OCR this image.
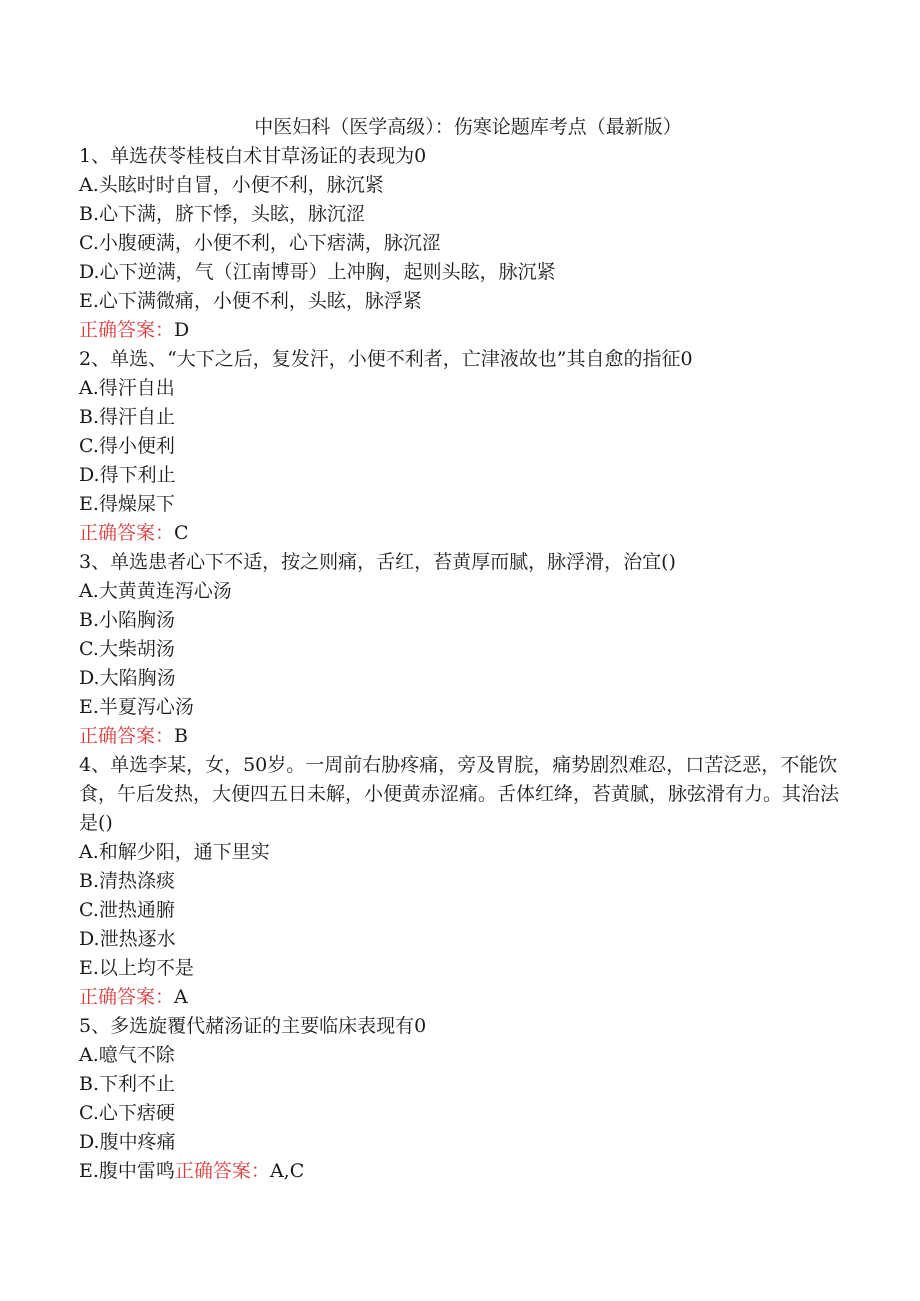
中医妇科（医学高级）：伤寒论题库考点（最新版）
1、单选茯苓桂枝白术甘草汤证的表现为0
A.头眩时时自冒，小便不利，脉沉紧
B.心下满，脐下悸，头眩，脉沉涩
C.小腹硬满，小便不利，心下痞满，脉沉涩
D.心下逆满，气（江南博哥）上冲胸，起则头眩，脉沉紧
E.心下满微痛，小便不利，头眩，脉浮紧
正确答案：D
2、单选、“大下之后，复发汗，小便不利者，亡津液故也”其自愈的指征0
A.得汗自出
B.得汗自止
C.得小便利
D.得下利止
E.得燥屎下
正确答案：C
3、单选患者心下不适，按之则痛，舌红，苔黄厚而腻，脉浮滑，治宜()
A.大黄黄连泻心汤
B.小陷胸汤
C.大柴胡汤
D.大陷胸汤
E.半夏泻心汤
正确答案：B
4、单选李某，女，50岁。一周前右胁疼痛，旁及胃脘，痛势剧烈难忍，口苦泛恶，不能饮食，午后发热，大便四五日未解，小便黄赤涩痛。舌体红绛，苔黄腻，脉弦滑有力。其治法是()
A.和解少阳，通下里实
B.清热涤痰
C.泄热通腑
D.泄热逐水
E.以上均不是
正确答案：A
5、多选旋覆代赭汤证的主要临床表现有0
A.噫气不除
B.下利不止
C.心下痞硬
D.腹中疼痛
E.腹中雷鸣正确答案：A,C
